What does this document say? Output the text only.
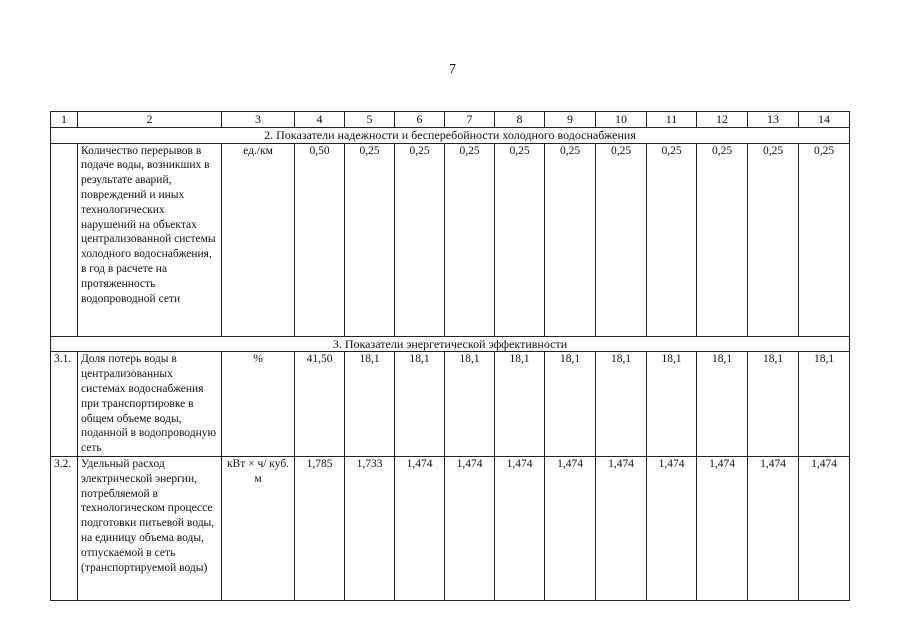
7
1	2	3	4	5	6	7	8	9	10	11	12	13	14
2. Показатели надежности и бесперебойности холодного водоснабжения													
	Количество перерывов в подаче воды, возникших в результате аварий, повреждений и иных технологических нарушений на объектах централизованной системы холодного водоснабжения, в год в расчете на протяженность водопроводной сети	ед./км	0,50	0,25	0,25	0,25	0,25	0,25	0,25	0,25	0,25	0,25	0,25
3. Показатели энергетической эффективности													
3.1.	Доля потерь воды в централизованных системах водоснабжения при транспортировке в общем объеме воды, поданной в водопроводную сеть	%	41,50	18,1	18,1	18,1	18,1	18,1	18,1	18,1	18,1	18,1	18,1
3.2.	Удельный расход электрической энергии, потребляемой в технологическом процессе подготовки питьевой воды, на единицу объема воды, отпускаемой в сеть (транспортируемой воды)	кВт × ч/ куб. м	1,785	1,733	1,474	1,474	1,474	1,474	1,474	1,474	1,474	1,474	1,474
